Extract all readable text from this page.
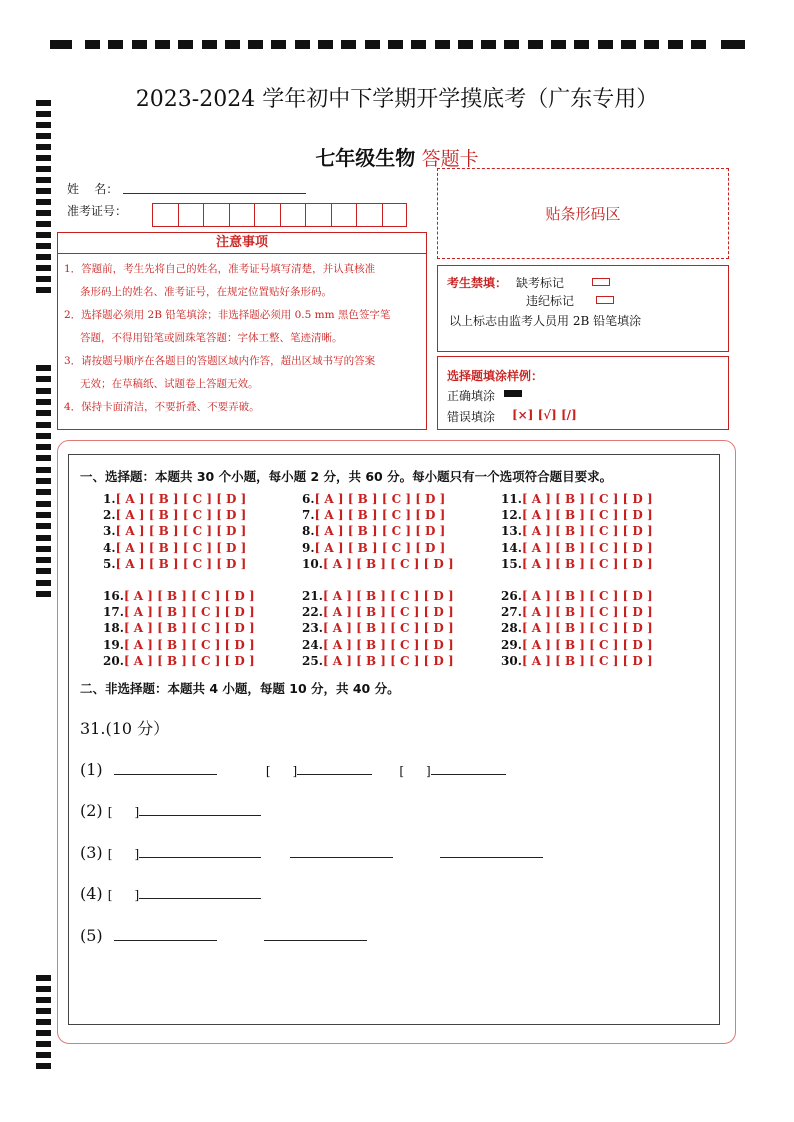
2023-2024 学年初中下学期开学摸底考（广东专用）
七年级生物 答题卡
姓    名：
准考证号：	贴条形码区
注意事项
1．答题前，考生先将自己的姓名，准考证号填写清楚，并认真核准
条形码上的姓名、准考证号，在规定位置贴好条形码。
2．选择题必须用 2B 铅笔填涂；非选择题必须用 0.5 mm 黑色签字笔
答题，不得用铅笔或圆珠笔答题：字体工整、笔迹清晰。
3．请按题号顺序在各题目的答题区域内作答，超出区域书写的答案
无效；在草稿纸、试题卷上答题无效。
4．保持卡面清洁，不要折叠、不要弄破。
考生禁填： 缺考标记
违纪标记
以上标志由监考人员用 2B 铅笔填涂
选择题填涂样例：
正确填涂
错误填涂 [×] [√] [/]
一、选择题：本题共 30 个小题，每小题 2 分，共 60 分。每小题只有一个选项符合题目要求。
1.[ A ] [ B ] [ C ] [ D ]
2.[ A ] [ B ] [ C ] [ D ]
3.[ A ] [ B ] [ C ] [ D ]
4.[ A ] [ B ] [ C ] [ D ]
5.[ A ] [ B ] [ C ] [ D ]
6.[ A ] [ B ] [ C ] [ D ]
7.[ A ] [ B ] [ C ] [ D ]
8.[ A ] [ B ] [ C ] [ D ]
9.[ A ] [ B ] [ C ] [ D ]
10.[ A ] [ B ] [ C ] [ D ]
11.[ A ] [ B ] [ C ] [ D ]
12.[ A ] [ B ] [ C ] [ D ]
13.[ A ] [ B ] [ C ] [ D ]
14.[ A ] [ B ] [ C ] [ D ]
15.[ A ] [ B ] [ C ] [ D ]
16.[ A ] [ B ] [ C ] [ D ]
17.[ A ] [ B ] [ C ] [ D ]
18.[ A ] [ B ] [ C ] [ D ]
19.[ A ] [ B ] [ C ] [ D ]
20.[ A ] [ B ] [ C ] [ D ]
21.[ A ] [ B ] [ C ] [ D ]
22.[ A ] [ B ] [ C ] [ D ]
23.[ A ] [ B ] [ C ] [ D ]
24.[ A ] [ B ] [ C ] [ D ]
25.[ A ] [ B ] [ C ] [ D ]
26.[ A ] [ B ] [ C ] [ D ]
27.[ A ] [ B ] [ C ] [ D ]
28.[ A ] [ B ] [ C ] [ D ]
29.[ A ] [ B ] [ C ] [ D ]
30.[ A ] [ B ] [ C ] [ D ]
二、非选择题：本题共 4 小题，每题 10 分，共 40 分。
31.(10 分）
(1)	[ ]	[ ]
(2) [ ]
(3) [ ]
(4) [ ]
(5)
